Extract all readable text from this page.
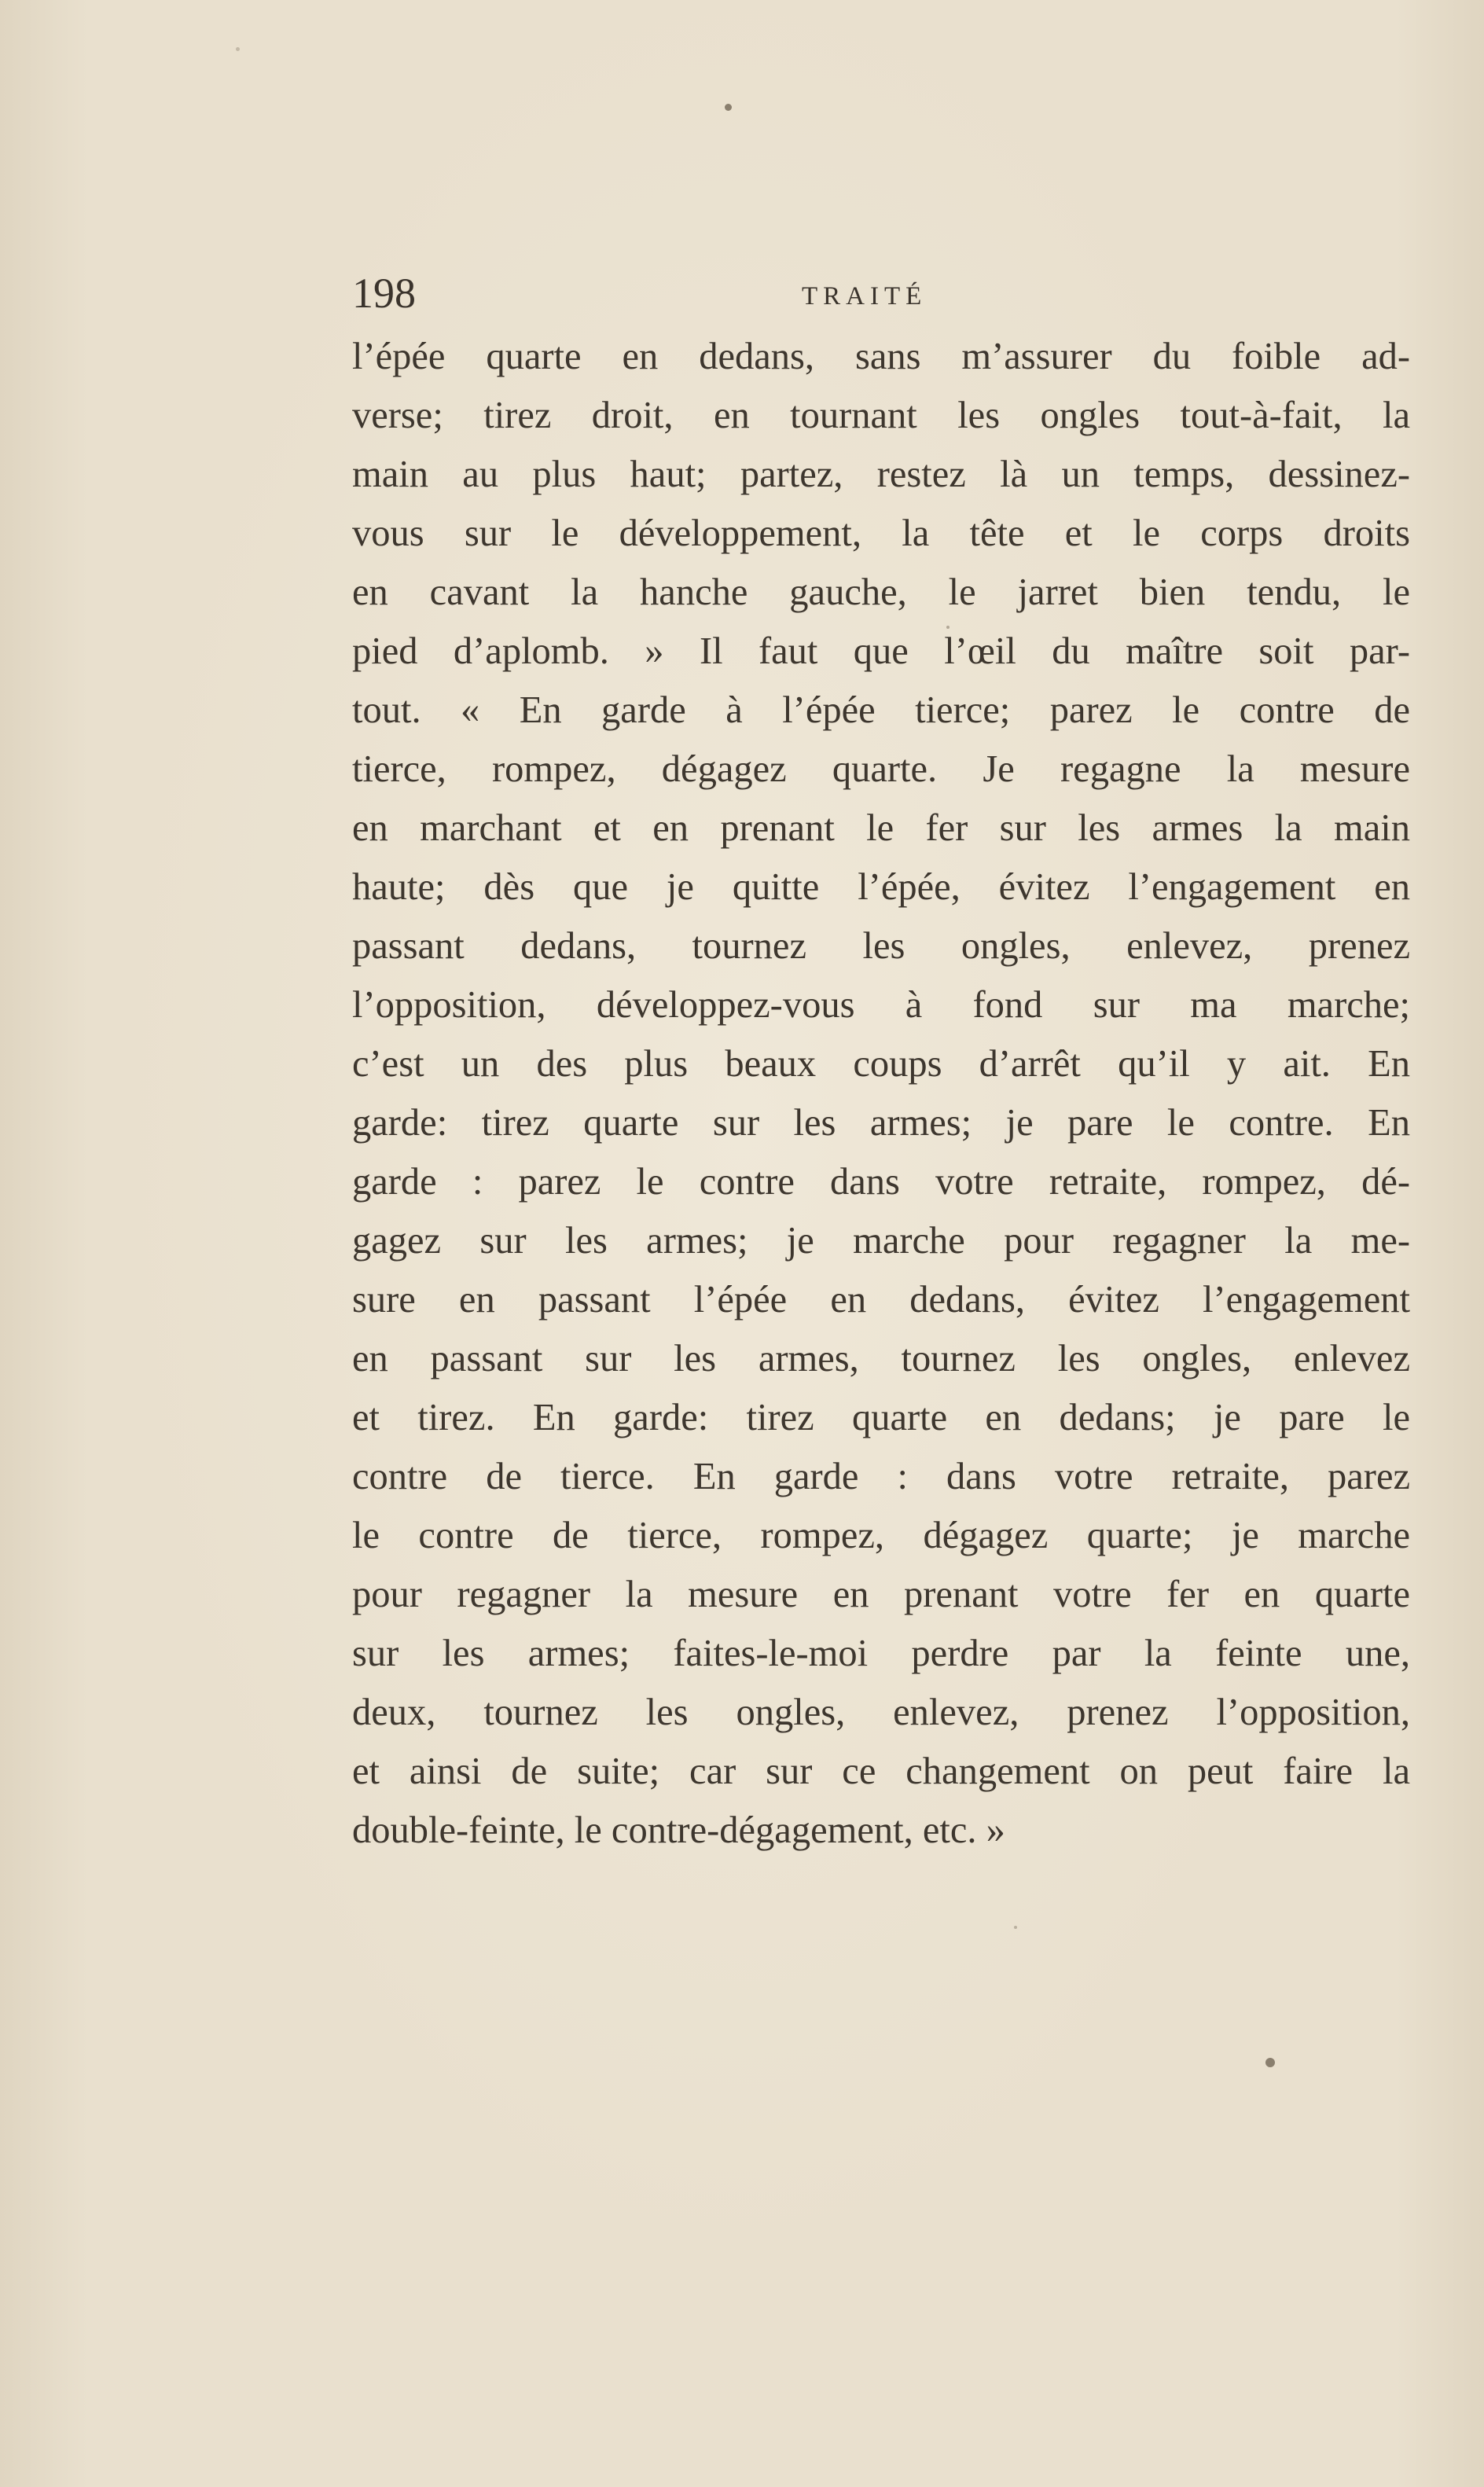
198	TRAITÉ
l’épée quarte en dedans, sans m’assurer du foible ad-
verse; tirez droit, en tournant les ongles tout-à-fait, la
main au plus haut; partez, restez là un temps, dessinez-
vous sur le développement, la tête et le corps droits
en cavant la hanche gauche, le jarret bien tendu, le
pied d’aplomb. » Il faut que l’œil du maître soit par-
tout. « En garde à l’épée tierce; parez le contre de
tierce, rompez, dégagez quarte. Je regagne la mesure
en marchant et en prenant le fer sur les armes la main
haute; dès que je quitte l’épée, évitez l’engagement en
passant dedans, tournez les ongles, enlevez, prenez
l’opposition, développez-vous à fond sur ma marche;
c’est un des plus beaux coups d’arrêt qu’il y ait. En
garde: tirez quarte sur les armes; je pare le contre. En
garde : parez le contre dans votre retraite, rompez, dé-
gagez sur les armes; je marche pour regagner la me-
sure en passant l’épée en dedans, évitez l’engagement
en passant sur les armes, tournez les ongles, enlevez
et tirez. En garde: tirez quarte en dedans; je pare le
contre de tierce. En garde : dans votre retraite, parez
le contre de tierce, rompez, dégagez quarte; je marche
pour regagner la mesure en prenant votre fer en quarte
sur les armes; faites-le-moi perdre par la feinte une,
deux, tournez les ongles, enlevez, prenez l’opposition,
et ainsi de suite; car sur ce changement on peut faire la
double-feinte, le contre-dégagement, etc. »
